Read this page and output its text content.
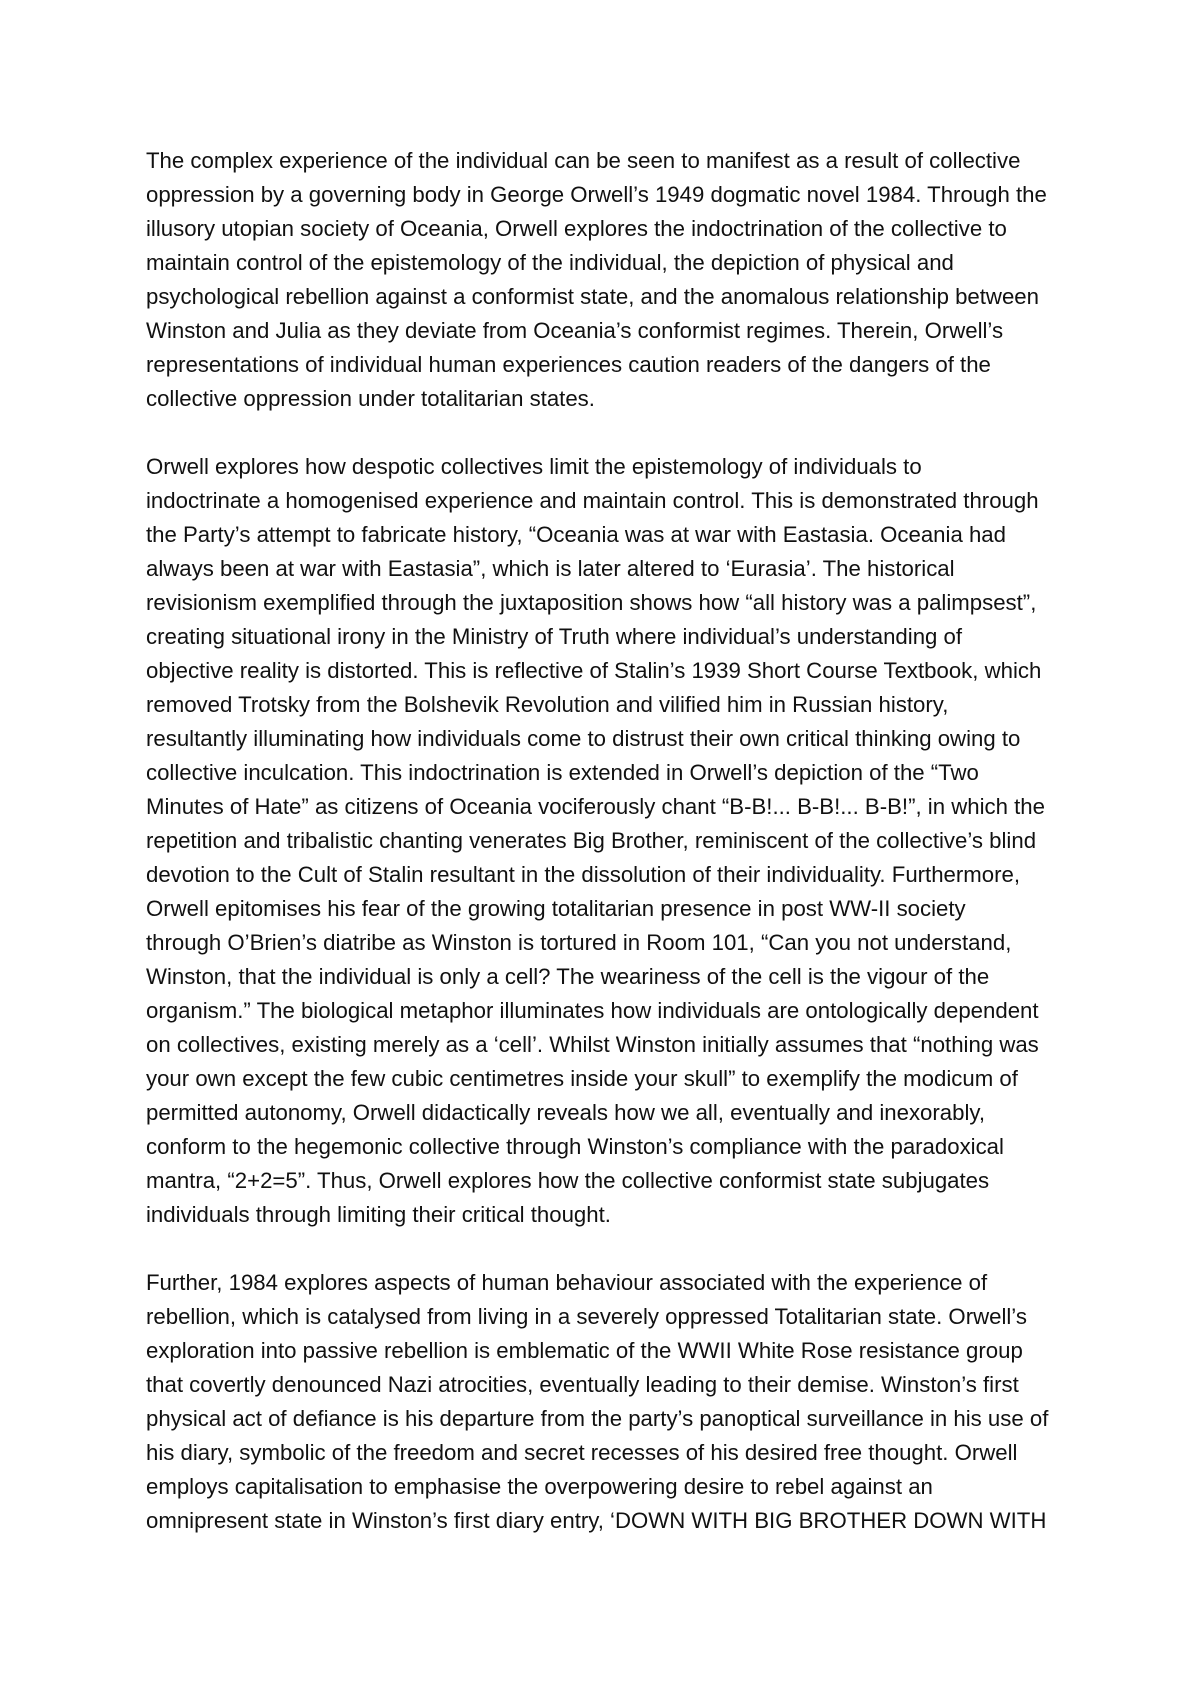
The complex experience of the individual can be seen to manifest as a result of collective
oppression by a governing body in George Orwell’s 1949 dogmatic novel 1984. Through the
illusory utopian society of Oceania, Orwell explores the indoctrination of the collective to
maintain control of the epistemology of the individual, the depiction of physical and
psychological rebellion against a conformist state, and the anomalous relationship between
Winston and Julia as they deviate from Oceania’s conformist regimes. Therein, Orwell’s
representations of individual human experiences caution readers of the dangers of the
collective oppression under totalitarian states.

Orwell explores how despotic collectives limit the epistemology of individuals to
indoctrinate a homogenised experience and maintain control. This is demonstrated through
the Party’s attempt to fabricate history, “Oceania was at war with Eastasia. Oceania had
always been at war with Eastasia”, which is later altered to ‘Eurasia’. The historical
revisionism exemplified through the juxtaposition shows how “all history was a palimpsest”,
creating situational irony in the Ministry of Truth where individual’s understanding of
objective reality is distorted. This is reflective of Stalin’s 1939 Short Course Textbook, which
removed Trotsky from the Bolshevik Revolution and vilified him in Russian history,
resultantly illuminating how individuals come to distrust their own critical thinking owing to
collective inculcation. This indoctrination is extended in Orwell’s depiction of the “Two
Minutes of Hate” as citizens of Oceania vociferously chant “B-B!... B-B!... B-B!”, in which the
repetition and tribalistic chanting venerates Big Brother, reminiscent of the collective’s blind
devotion to the Cult of Stalin resultant in the dissolution of their individuality. Furthermore,
Orwell epitomises his fear of the growing totalitarian presence in post WW-II society
through O’Brien’s diatribe as Winston is tortured in Room 101, “Can you not understand,
Winston, that the individual is only a cell? The weariness of the cell is the vigour of the
organism.” The biological metaphor illuminates how individuals are ontologically dependent
on collectives, existing merely as a ‘cell’. Whilst Winston initially assumes that “nothing was
your own except the few cubic centimetres inside your skull” to exemplify the modicum of
permitted autonomy, Orwell didactically reveals how we all, eventually and inexorably,
conform to the hegemonic collective through Winston’s compliance with the paradoxical
mantra, “2+2=5”. Thus, Orwell explores how the collective conformist state subjugates
individuals through limiting their critical thought.

Further, 1984 explores aspects of human behaviour associated with the experience of
rebellion, which is catalysed from living in a severely oppressed Totalitarian state. Orwell’s
exploration into passive rebellion is emblematic of the WWII White Rose resistance group
that covertly denounced Nazi atrocities, eventually leading to their demise. Winston’s first
physical act of defiance is his departure from the party’s panoptical surveillance in his use of
his diary, symbolic of the freedom and secret recesses of his desired free thought. Orwell
employs capitalisation to emphasise the overpowering desire to rebel against an
omnipresent state in Winston’s first diary entry, ‘DOWN WITH BIG BROTHER DOWN WITH
